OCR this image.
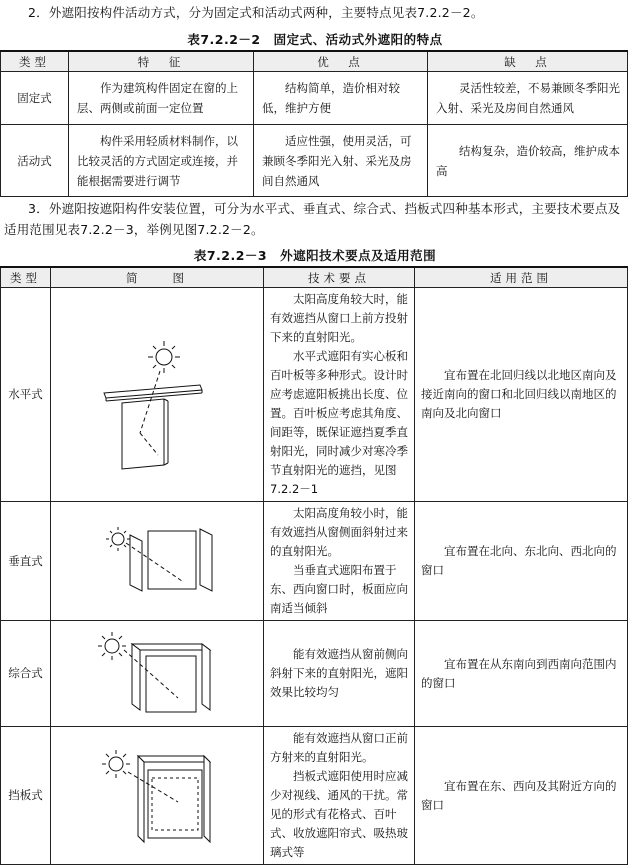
2．外遮阳按构件活动方式，分为固定式和活动式两种，主要特点见表7.2.2－2。
表7.2.2－2　固定式、活动式外遮阳的特点
类型	特　征	优　点	缺　点
固定式	作为建筑构件固定在窗的上层、两侧或前面一定位置	结构简单，造价相对较低，维护方便	灵活性较差，不易兼顾冬季阳光入射、采光及房间自然通风
活动式	构件采用轻质材料制作，以比较灵活的方式固定或连接，并能根据需要进行调节	适应性强，使用灵活，可兼顾冬季阳光入射、采光及房间自然通风	结构复杂，造价较高，维护成本高
3．外遮阳按遮阳构件安装位置，可分为水平式、垂直式、综合式、挡板式四种基本形式，主要技术要点及适用范围见表7.2.2－3，举例见图7.2.2－2。
表7.2.2－3　外遮阳技术要点及适用范围
类型	简　　图	技术要点	适用范围
水平式		太阳高度角较大时，能有效遮挡从窗口上前方投射下来的直射阳光。

水平式遮阳有实心板和百叶板等多种形式。设计时应考虑遮阳板挑出长度、位置。百叶板应考虑其角度、间距等，既保证遮挡夏季直射阳光，同时减少对寒冷季节直射阳光的遮挡，见图7.2.2－1	宜布置在北回归线以北地区南向及接近南向的窗口和北回归线以南地区的南向及北向窗口
垂直式		太阳高度角较小时，能有效遮挡从窗侧面斜射过来的直射阳光。

当垂直式遮阳布置于东、西向窗口时，板面应向南适当倾斜	宜布置在北向、东北向、西北向的窗口
综合式		能有效遮挡从窗前侧向斜射下来的直射阳光，遮阳效果比较均匀	宜布置在从东南向到西南向范围内的窗口
挡板式		能有效遮挡从窗口正前方射来的直射阳光。

挡板式遮阳使用时应减少对视线、通风的干扰。常见的形式有花格式、百叶式、收放遮阳帘式、吸热玻璃式等	宜布置在东、西向及其附近方向的窗口
